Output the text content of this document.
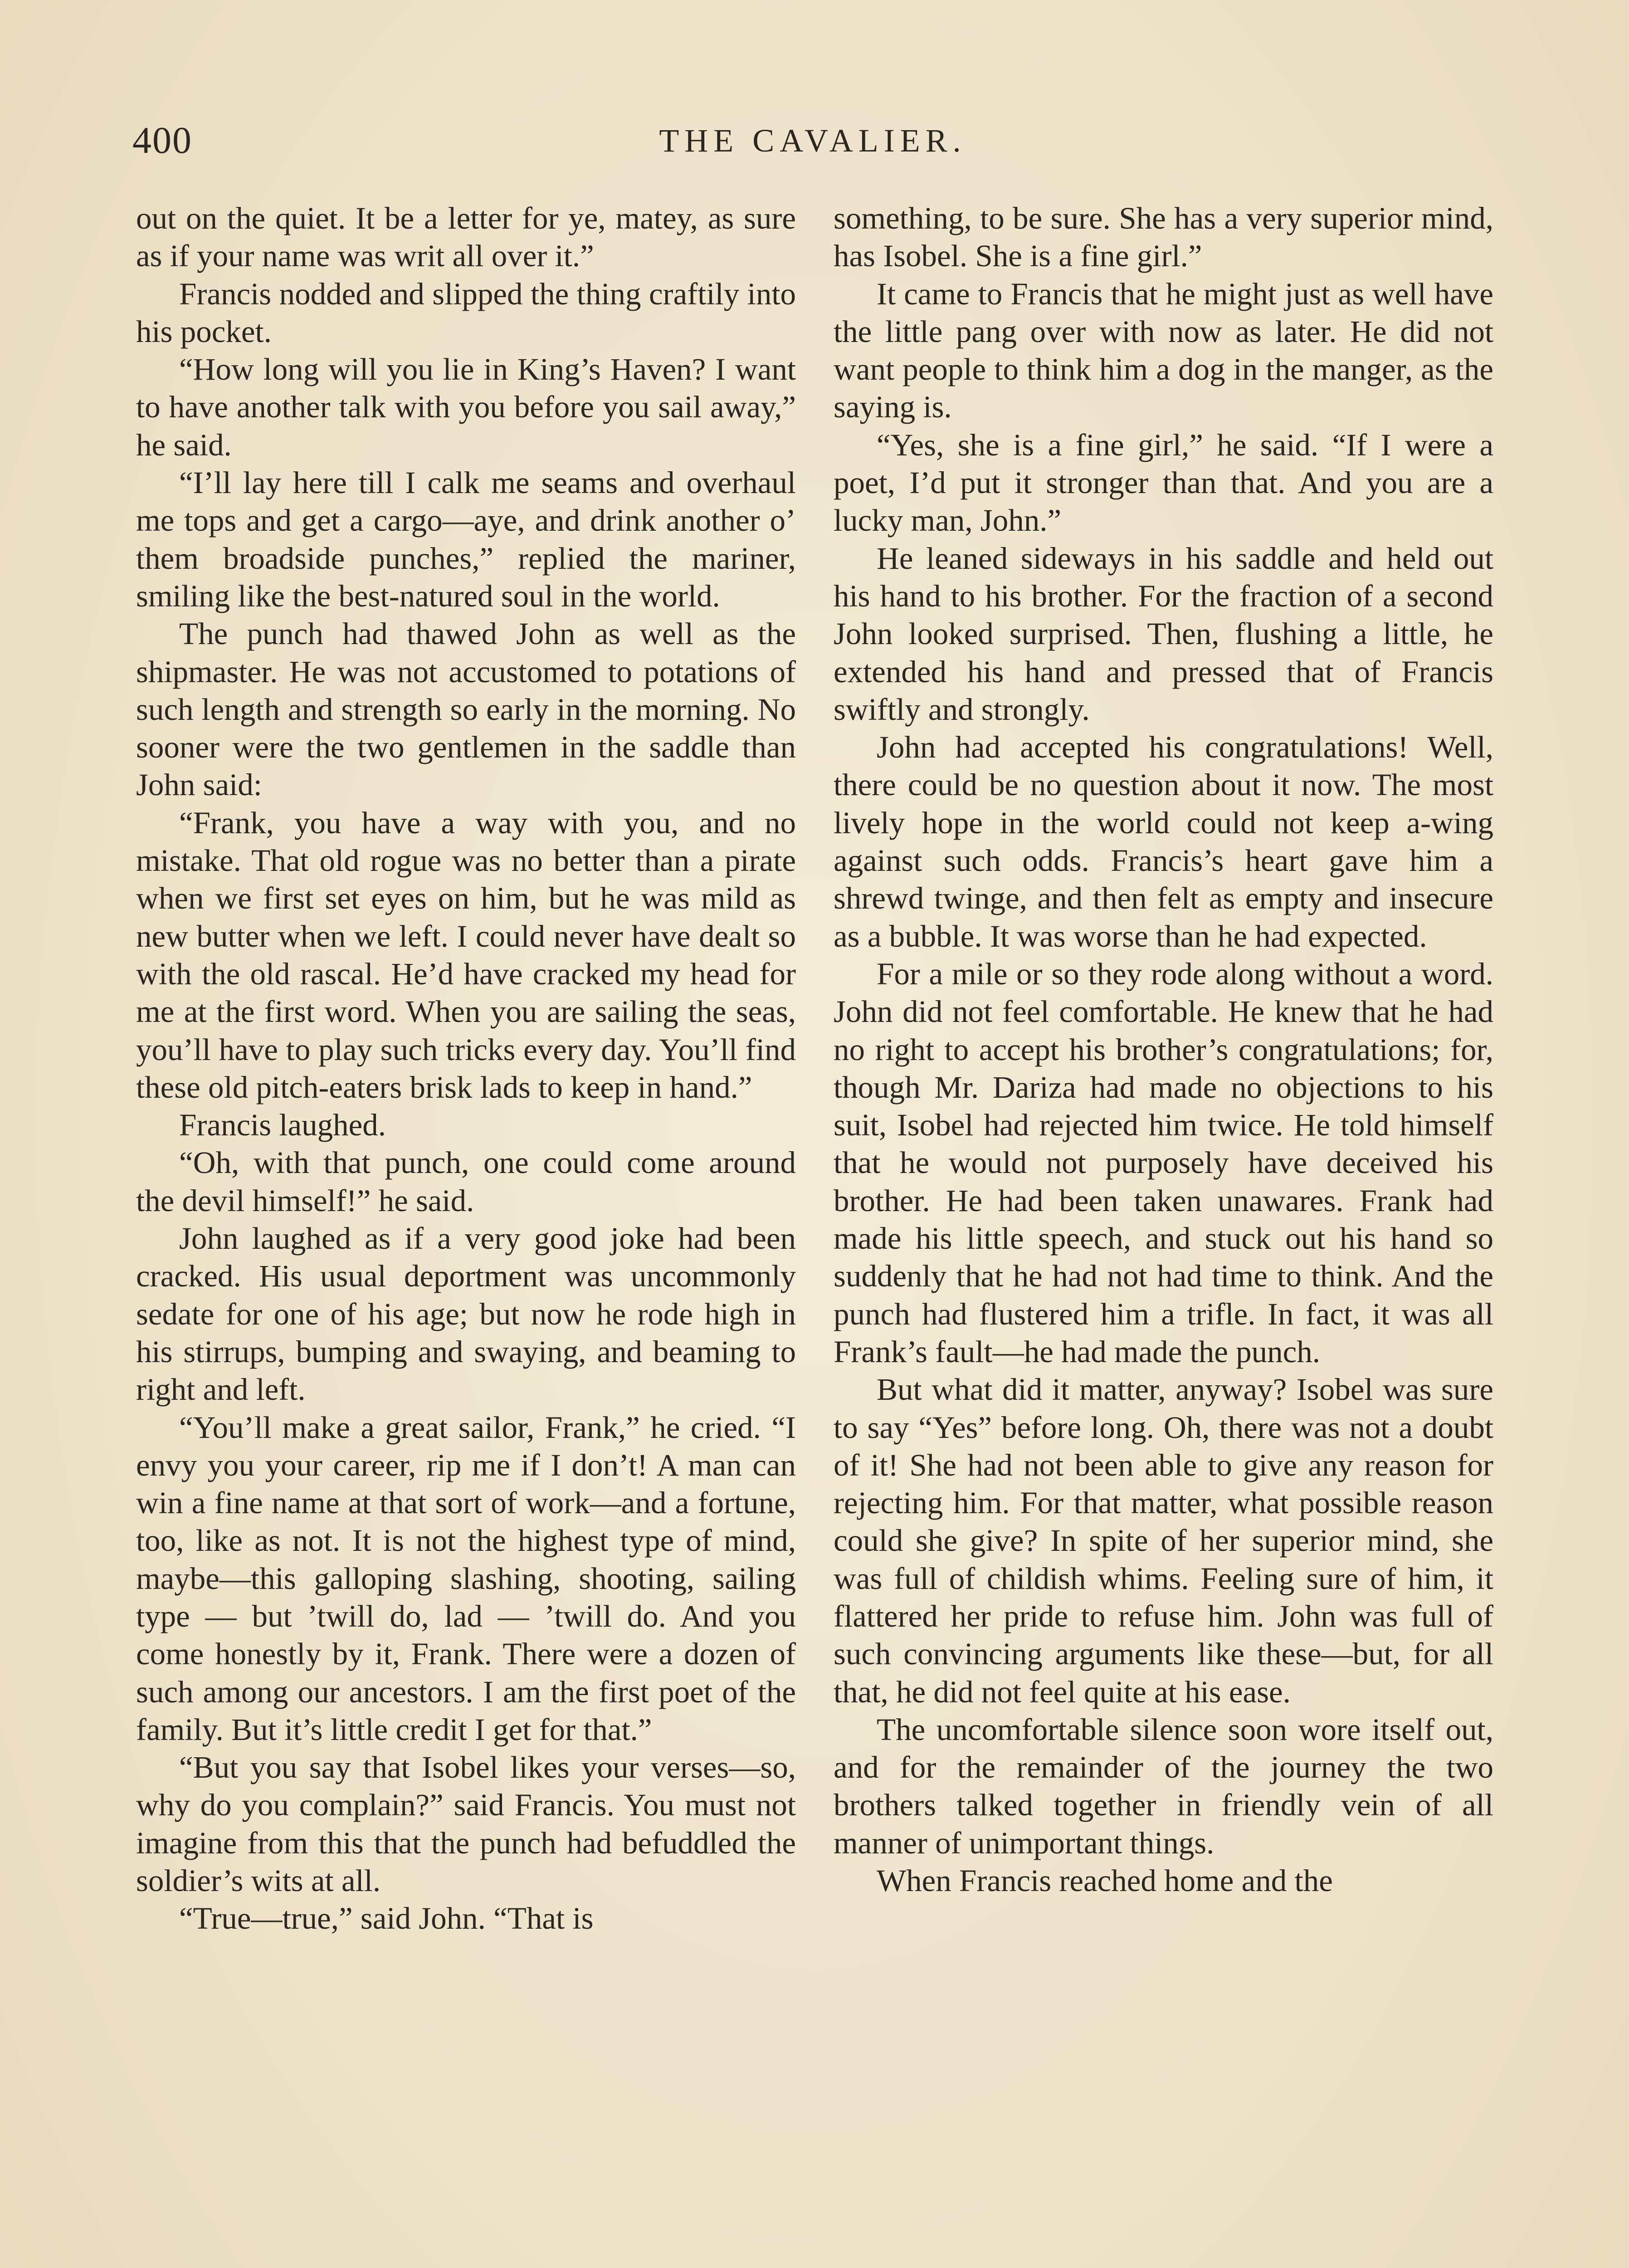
400	THE CAVALIER.

out on the quiet. It be a letter for ye, matey, as sure as if your name was writ all over it.”

Francis nodded and slipped the thing craftily into his pocket.

“How long will you lie in King’s Haven? I want to have another talk with you before you sail away,” he said.

“I’ll lay here till I calk me seams and overhaul me tops and get a cargo—aye, and drink another o’ them broadside punches,” replied the mariner, smiling like the best-natured soul in the world.

The punch had thawed John as well as the shipmaster. He was not accustomed to potations of such length and strength so early in the morning. No sooner were the two gentlemen in the saddle than John said:

“Frank, you have a way with you, and no mistake. That old rogue was no better than a pirate when we first set eyes on him, but he was mild as new butter when we left. I could never have dealt so with the old rascal. He’d have cracked my head for me at the first word. When you are sailing the seas, you’ll have to play such tricks every day. You’ll find these old pitch-eaters brisk lads to keep in hand.”

Francis laughed.

“Oh, with that punch, one could come around the devil himself!” he said.

John laughed as if a very good joke had been cracked. His usual deportment was uncommonly sedate for one of his age; but now he rode high in his stirrups, bumping and swaying, and beaming to right and left.

“You’ll make a great sailor, Frank,” he cried. “I envy you your career, rip me if I don’t! A man can win a fine name at that sort of work—and a fortune, too, like as not. It is not the highest type of mind, maybe—this galloping slashing, shooting, sailing type — but ’twill do, lad — ’twill do. And you come honestly by it, Frank. There were a dozen of such among our ancestors. I am the first poet of the family. But it’s little credit I get for that.”

“But you say that Isobel likes your verses—so, why do you complain?” said Francis. You must not imagine from this that the punch had befuddled the soldier’s wits at all.

“True—true,” said John. “That is

something, to be sure. She has a very superior mind, has Isobel. She is a fine girl.”

It came to Francis that he might just as well have the little pang over with now as later. He did not want people to think him a dog in the manger, as the saying is.

“Yes, she is a fine girl,” he said. “If I were a poet, I’d put it stronger than that. And you are a lucky man, John.”

He leaned sideways in his saddle and held out his hand to his brother. For the fraction of a second John looked surprised. Then, flushing a little, he extended his hand and pressed that of Francis swiftly and strongly.

John had accepted his congratulations! Well, there could be no question about it now. The most lively hope in the world could not keep a-wing against such odds. Francis’s heart gave him a shrewd twinge, and then felt as empty and insecure as a bubble. It was worse than he had expected.

For a mile or so they rode along without a word. John did not feel comfortable. He knew that he had no right to accept his brother’s congratulations; for, though Mr. Dariza had made no objections to his suit, Isobel had rejected him twice. He told himself that he would not purposely have deceived his brother. He had been taken unawares. Frank had made his little speech, and stuck out his hand so suddenly that he had not had time to think. And the punch had flustered him a trifle. In fact, it was all Frank’s fault—he had made the punch.

But what did it matter, anyway? Isobel was sure to say “Yes” before long. Oh, there was not a doubt of it! She had not been able to give any reason for rejecting him. For that matter, what possible reason could she give? In spite of her superior mind, she was full of childish whims. Feeling sure of him, it flattered her pride to refuse him. John was full of such convincing arguments like these—but, for all that, he did not feel quite at his ease.

The uncomfortable silence soon wore itself out, and for the remainder of the journey the two brothers talked together in friendly vein of all manner of unimportant things.

When Francis reached home and the
